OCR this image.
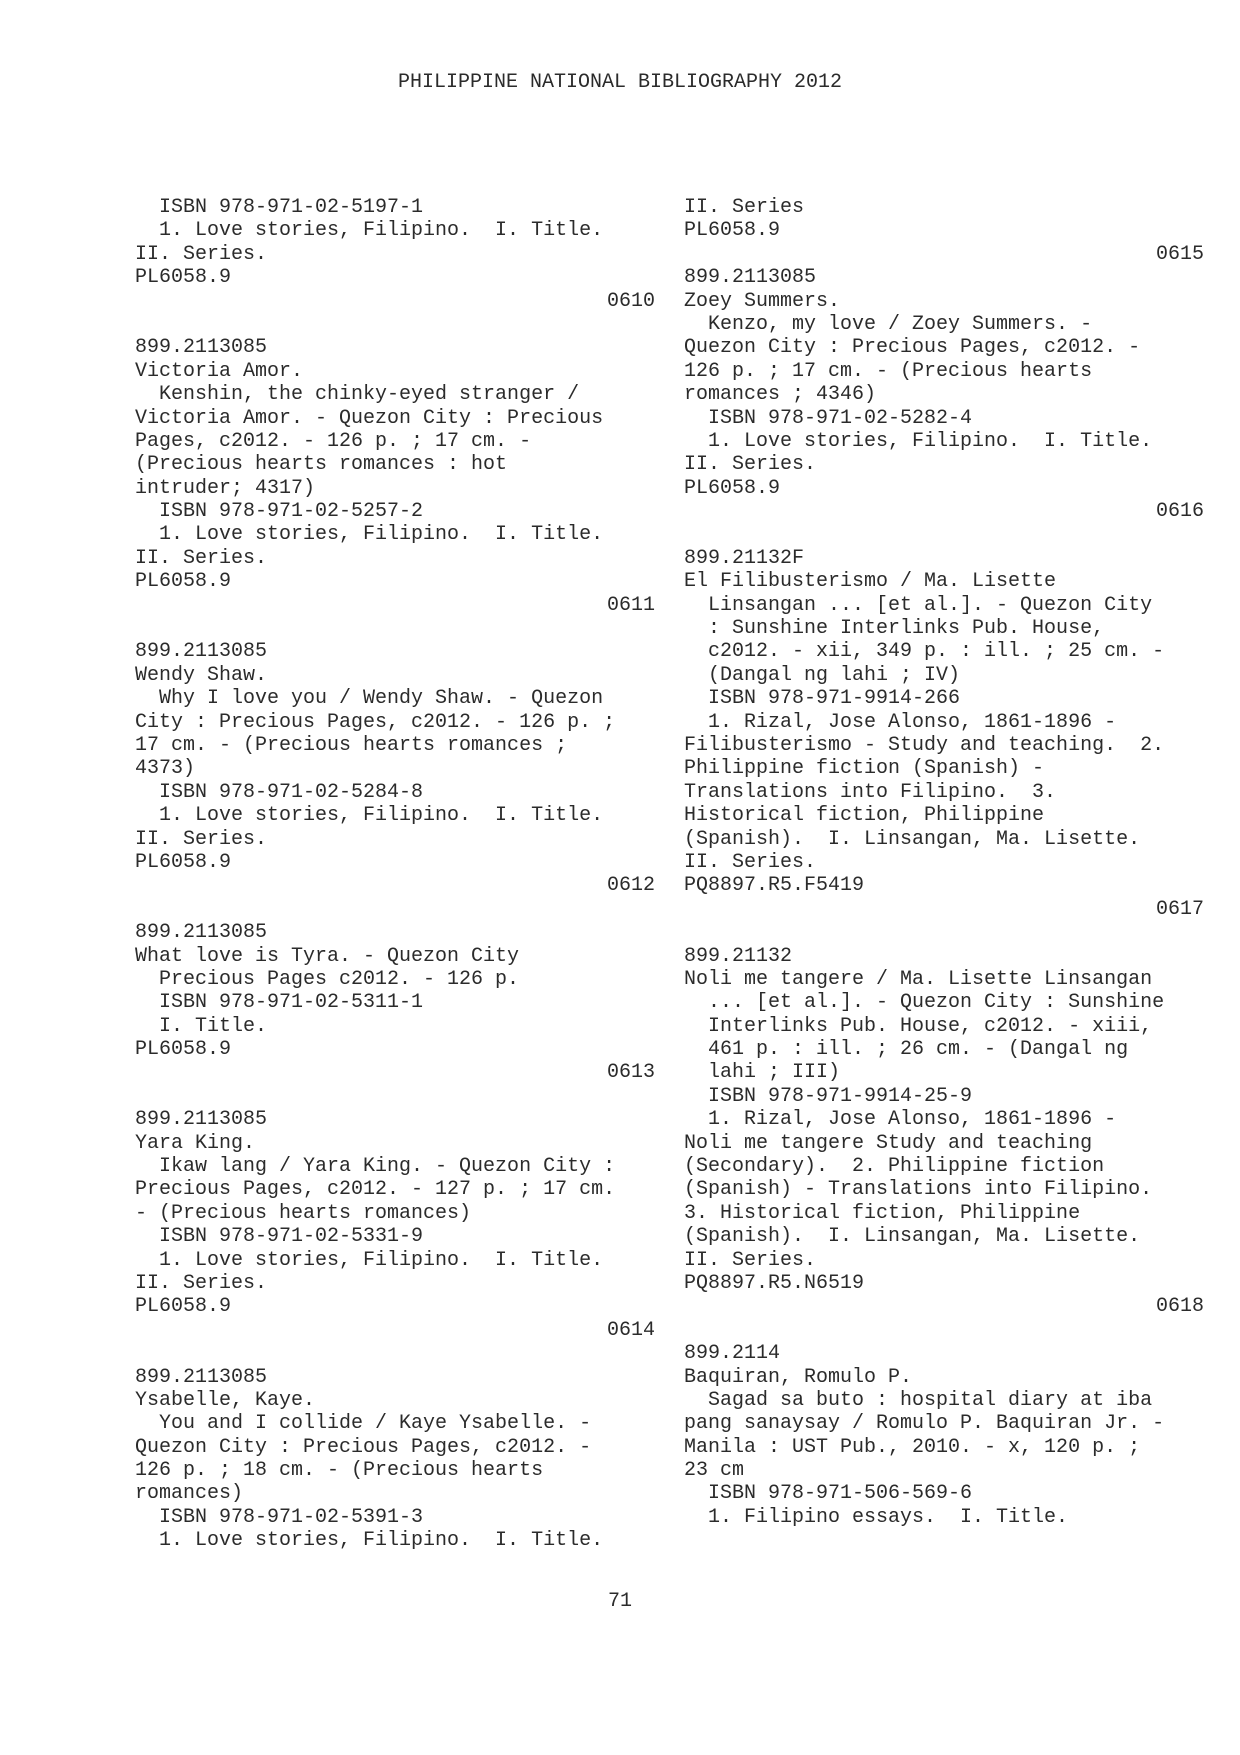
PHILIPPINE NATIONAL BIBLIOGRAPHY 2012
ISBN 978-971-02-5197-1
1. Love stories, Filipino.  I. Title.
II. Series.
PL6058.9
0610
899.2113085
Victoria Amor.
Kenshin, the chinky-eyed stranger /
Victoria Amor. - Quezon City : Precious
Pages, c2012. - 126 p. ; 17 cm. -
(Precious hearts romances : hot
intruder; 4317)
ISBN 978-971-02-5257-2
1. Love stories, Filipino.  I. Title.
II. Series.
PL6058.9
0611
899.2113085
Wendy Shaw.
Why I love you / Wendy Shaw. - Quezon
City : Precious Pages, c2012. - 126 p. ;
17 cm. - (Precious hearts romances ;
4373)
ISBN 978-971-02-5284-8
1. Love stories, Filipino.  I. Title.
II. Series.
PL6058.9
0612
899.2113085
What love is Tyra. - Quezon City
Precious Pages c2012. - 126 p.
ISBN 978-971-02-5311-1
I. Title.
PL6058.9
0613
899.2113085
Yara King.
Ikaw lang / Yara King. - Quezon City :
Precious Pages, c2012. - 127 p. ; 17 cm.
- (Precious hearts romances)
ISBN 978-971-02-5331-9
1. Love stories, Filipino.  I. Title.
II. Series.
PL6058.9
0614
899.2113085
Ysabelle, Kaye.
You and I collide / Kaye Ysabelle. -
Quezon City : Precious Pages, c2012. -
126 p. ; 18 cm. - (Precious hearts
romances)
ISBN 978-971-02-5391-3
1. Love stories, Filipino.  I. Title.
II. Series
PL6058.9
0615
899.2113085
Zoey Summers.
Kenzo, my love / Zoey Summers. -
Quezon City : Precious Pages, c2012. -
126 p. ; 17 cm. - (Precious hearts
romances ; 4346)
ISBN 978-971-02-5282-4
1. Love stories, Filipino.  I. Title.
II. Series.
PL6058.9
0616
899.21132F
El Filibusterismo / Ma. Lisette
Linsangan ... [et al.]. - Quezon City
: Sunshine Interlinks Pub. House,
c2012. - xii, 349 p. : ill. ; 25 cm. -
(Dangal ng lahi ; IV)
ISBN 978-971-9914-266
1. Rizal, Jose Alonso, 1861-1896 -
Filibusterismo - Study and teaching.  2.
Philippine fiction (Spanish) -
Translations into Filipino.  3.
Historical fiction, Philippine
(Spanish).  I. Linsangan, Ma. Lisette.
II. Series.
PQ8897.R5.F5419
0617
899.21132
Noli me tangere / Ma. Lisette Linsangan
... [et al.]. - Quezon City : Sunshine
Interlinks Pub. House, c2012. - xiii,
461 p. : ill. ; 26 cm. - (Dangal ng
lahi ; III)
ISBN 978-971-9914-25-9
1. Rizal, Jose Alonso, 1861-1896 -
Noli me tangere Study and teaching
(Secondary).  2. Philippine fiction
(Spanish) - Translations into Filipino.
3. Historical fiction, Philippine
(Spanish).  I. Linsangan, Ma. Lisette.
II. Series.
PQ8897.R5.N6519
0618
899.2114
Baquiran, Romulo P.
Sagad sa buto : hospital diary at iba
pang sanaysay / Romulo P. Baquiran Jr. -
Manila : UST Pub., 2010. - x, 120 p. ;
23 cm
ISBN 978-971-506-569-6
1. Filipino essays.  I. Title.
71
